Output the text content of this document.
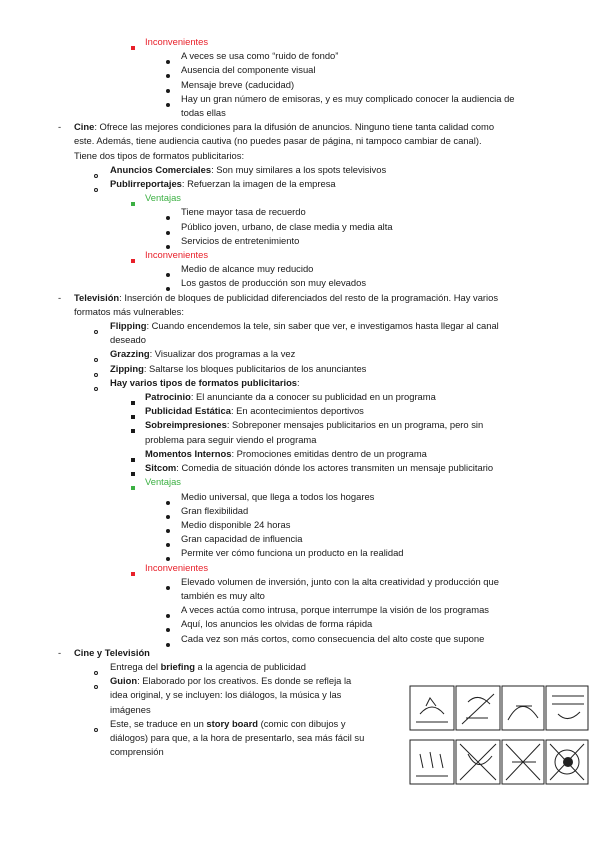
Inconvenientes
A veces se usa como “ruido de fondo”
Ausencia del componente visual
Mensaje breve (caducidad)
Hay un gran número de emisoras, y es muy complicado conocer la audiencia de
todas ellas
- Cine: Ofrece las mejores condiciones para la difusión de anuncios. Ninguno tiene tanta calidad como
este. Además, tiene audiencia cautiva (no puedes pasar de página, ni tampoco cambiar de canal).
Tiene dos tipos de formatos publicitarios:
Anuncios Comerciales: Son muy similares a los spots televisivos
Publirreportajes: Refuerzan la imagen de la empresa
Ventajas
Tiene mayor tasa de recuerdo
Público joven, urbano, de clase media y media alta
Servicios de entretenimiento
Inconvenientes
Medio de alcance muy reducido
Los gastos de producción son muy elevados
- Televisión: Inserción de bloques de publicidad diferenciados del resto de la programación. Hay varios
formatos más vulnerables:
Flipping: Cuando encendemos la tele, sin saber que ver, e investigamos hasta llegar al canal
deseado
Grazzing: Visualizar dos programas a la vez
Zipping: Saltarse los bloques publicitarios de los anunciantes
Hay varios tipos de formatos publicitarios:
Patrocinio: El anunciante da a conocer su publicidad en un programa
Publicidad Estática: En acontecimientos deportivos
Sobreimpresiones: Sobreponer mensajes publicitarios en un programa, pero sin
problema para seguir viendo el programa
Momentos Internos: Promociones emitidas dentro de un programa
Sitcom: Comedia de situación dónde los actores transmiten un mensaje publicitario
Ventajas
Medio universal, que llega a todos los hogares
Gran flexibilidad
Medio disponible 24 horas
Gran capacidad de influencia
Permite ver cómo funciona un producto en la realidad
Inconvenientes
Elevado volumen de inversión, junto con la alta creatividad y producción que
también es muy alto
A veces actúa como intrusa, porque interrumpe la visión de los programas
Aquí, los anuncios les olvidas de forma rápida
Cada vez son más cortos, como consecuencia del alto coste que supone
- Cine y Televisión
Entrega del briefing a la agencia de publicidad
Guion: Elaborado por los creativos. Es donde se refleja la
idea original, y se incluyen: los diálogos, la música y las
imágenes
Este, se traduce en un story board (comic con dibujos y
diálogos) para que, a la hora de presentarlo, sea más fácil su
comprensión
